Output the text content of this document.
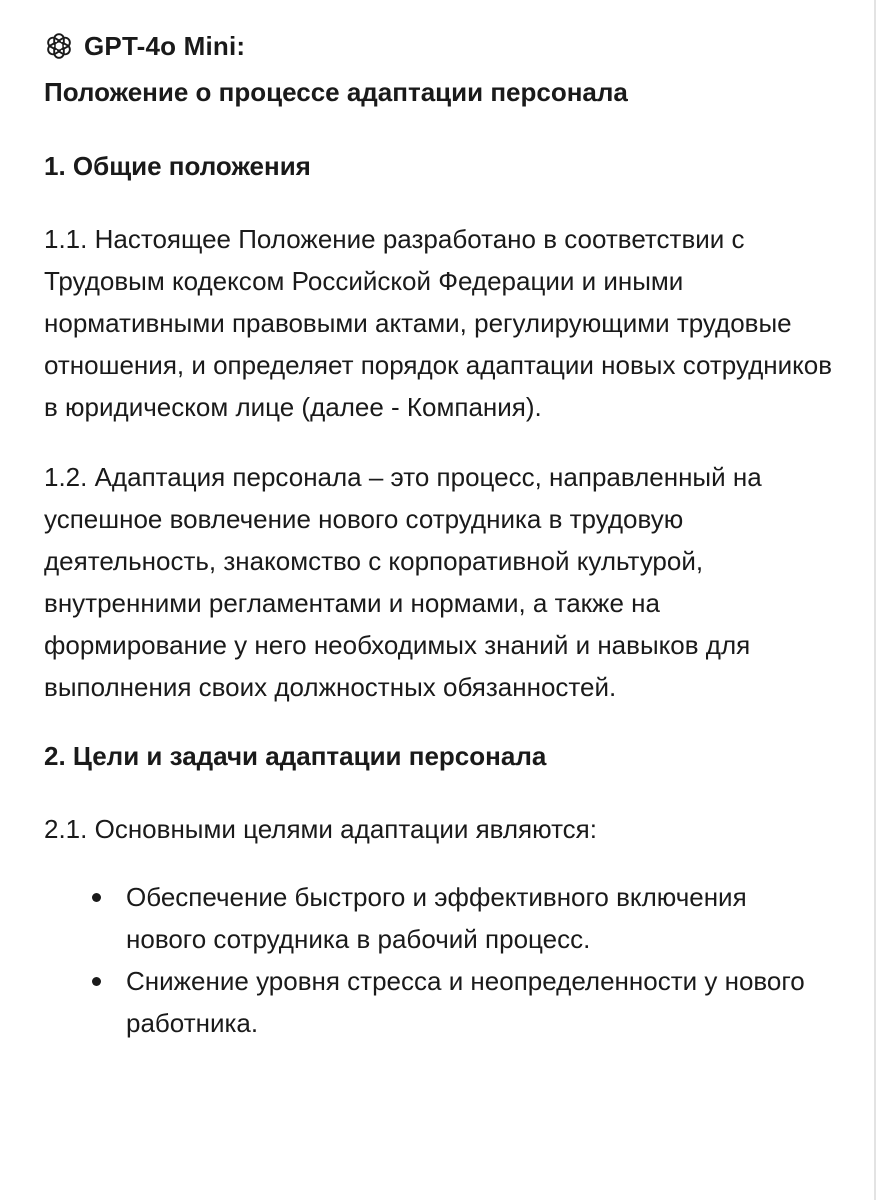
GPT-4o Mini:
Положение о процессе адаптации персонала
1. Общие положения

1.1. Настоящее Положение разработано в соответствии с Трудовым кодексом Российской Федерации и иными нормативными правовыми актами, регулирующими трудовые отношения, и определяет порядок адаптации новых сотрудников в юридическом лице (далее - Компания).

1.2. Адаптация персонала – это процесс, направленный на успешное вовлечение нового сотрудника в трудовую деятельность, знакомство с корпоративной культурой, внутренними регламентами и нормами, а также на формирование у него необходимых знаний и навыков для выполнения своих должностных обязанностей.

2. Цели и задачи адаптации персонала

2.1. Основными целями адаптации являются:

Обеспечение быстрого и эффективного включения нового сотрудника в рабочий процесс.
Снижение уровня стресса и неопределенности у нового работника.
